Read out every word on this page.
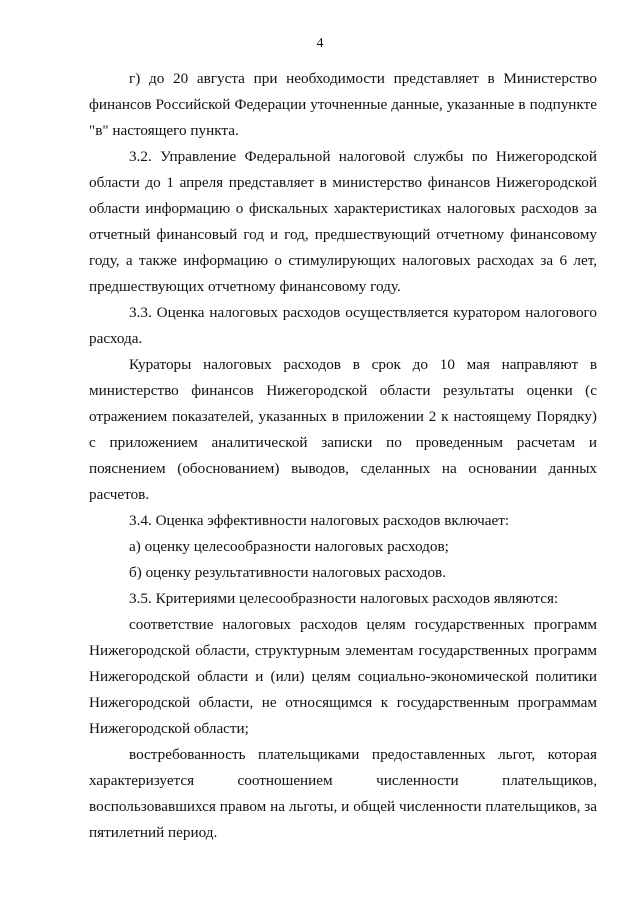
4

г) до 20 августа при необходимости представляет в Министерство финансов Российской Федерации уточненные данные, указанные в подпункте "в" настоящего пункта.

3.2. Управление Федеральной налоговой службы по Нижегородской области до 1 апреля представляет в министерство финансов Нижегородской области информацию о фискальных характеристиках налоговых расходов за отчетный финансовый год и год, предшествующий отчетному финансовому году, а также информацию о стимулирующих налоговых расходах за 6 лет, предшествующих отчетному финансовому году.

3.3. Оценка налоговых расходов осуществляется куратором налогового расхода.

Кураторы налоговых расходов в срок до 10 мая направляют в министерство финансов Нижегородской области результаты оценки (с отражением показателей, указанных в приложении 2 к настоящему Порядку) с приложением аналитической записки по проведенным расчетам и пояснением (обоснованием) выводов, сделанных на основании данных расчетов.

3.4. Оценка эффективности налоговых расходов включает:

а) оценку целесообразности налоговых расходов;

б) оценку результативности налоговых расходов.

3.5. Критериями целесообразности налоговых расходов являются:

соответствие налоговых расходов целям государственных программ Нижегородской области, структурным элементам государственных программ Нижегородской области и (или) целям социально-экономической политики Нижегородской области, не относящимся к государственным программам Нижегородской области;

востребованность плательщиками предоставленных льгот, которая характеризуется соотношением численности плательщиков, воспользовавшихся правом на льготы, и общей численности плательщиков, за пятилетний период.
